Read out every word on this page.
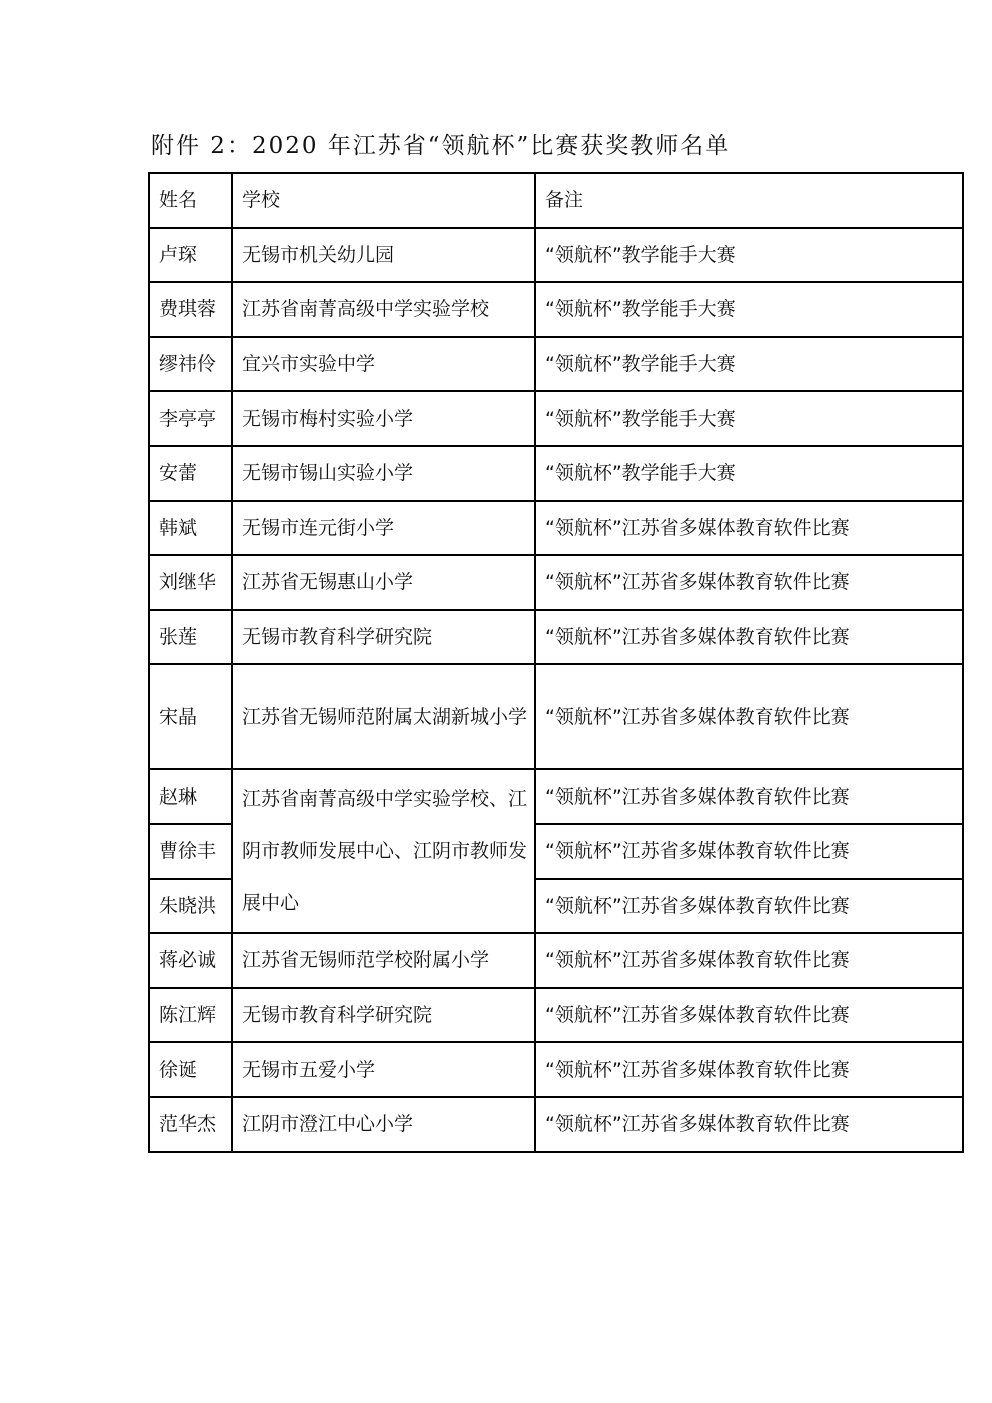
附件 2：2020 年江苏省“领航杯”比赛获奖教师名单
姓名	学校	备注
卢琛	无锡市机关幼儿园	“领航杯”教学能手大赛
费琪蓉	江苏省南菁高级中学实验学校	“领航杯”教学能手大赛
缪祎伶	宜兴市实验中学	“领航杯”教学能手大赛
李亭亭	无锡市梅村实验小学	“领航杯”教学能手大赛
安蕾	无锡市锡山实验小学	“领航杯”教学能手大赛
韩斌	无锡市连元街小学	“领航杯”江苏省多媒体教育软件比赛
刘继华	江苏省无锡惠山小学	“领航杯”江苏省多媒体教育软件比赛
张莲	无锡市教育科学研究院	“领航杯”江苏省多媒体教育软件比赛
宋晶	江苏省无锡师范附属太湖新城小学	“领航杯”江苏省多媒体教育软件比赛
赵琳	江苏省南菁高级中学实验学校、江阴市教师发展中心、江阴市教师发展中心	“领航杯”江苏省多媒体教育软件比赛
曹徐丰		“领航杯”江苏省多媒体教育软件比赛
朱晓洪		“领航杯”江苏省多媒体教育软件比赛
蒋必诚	江苏省无锡师范学校附属小学	“领航杯”江苏省多媒体教育软件比赛
陈江辉	无锡市教育科学研究院	“领航杯”江苏省多媒体教育软件比赛
徐诞	无锡市五爱小学	“领航杯”江苏省多媒体教育软件比赛
范华杰	江阴市澄江中心小学	“领航杯”江苏省多媒体教育软件比赛
